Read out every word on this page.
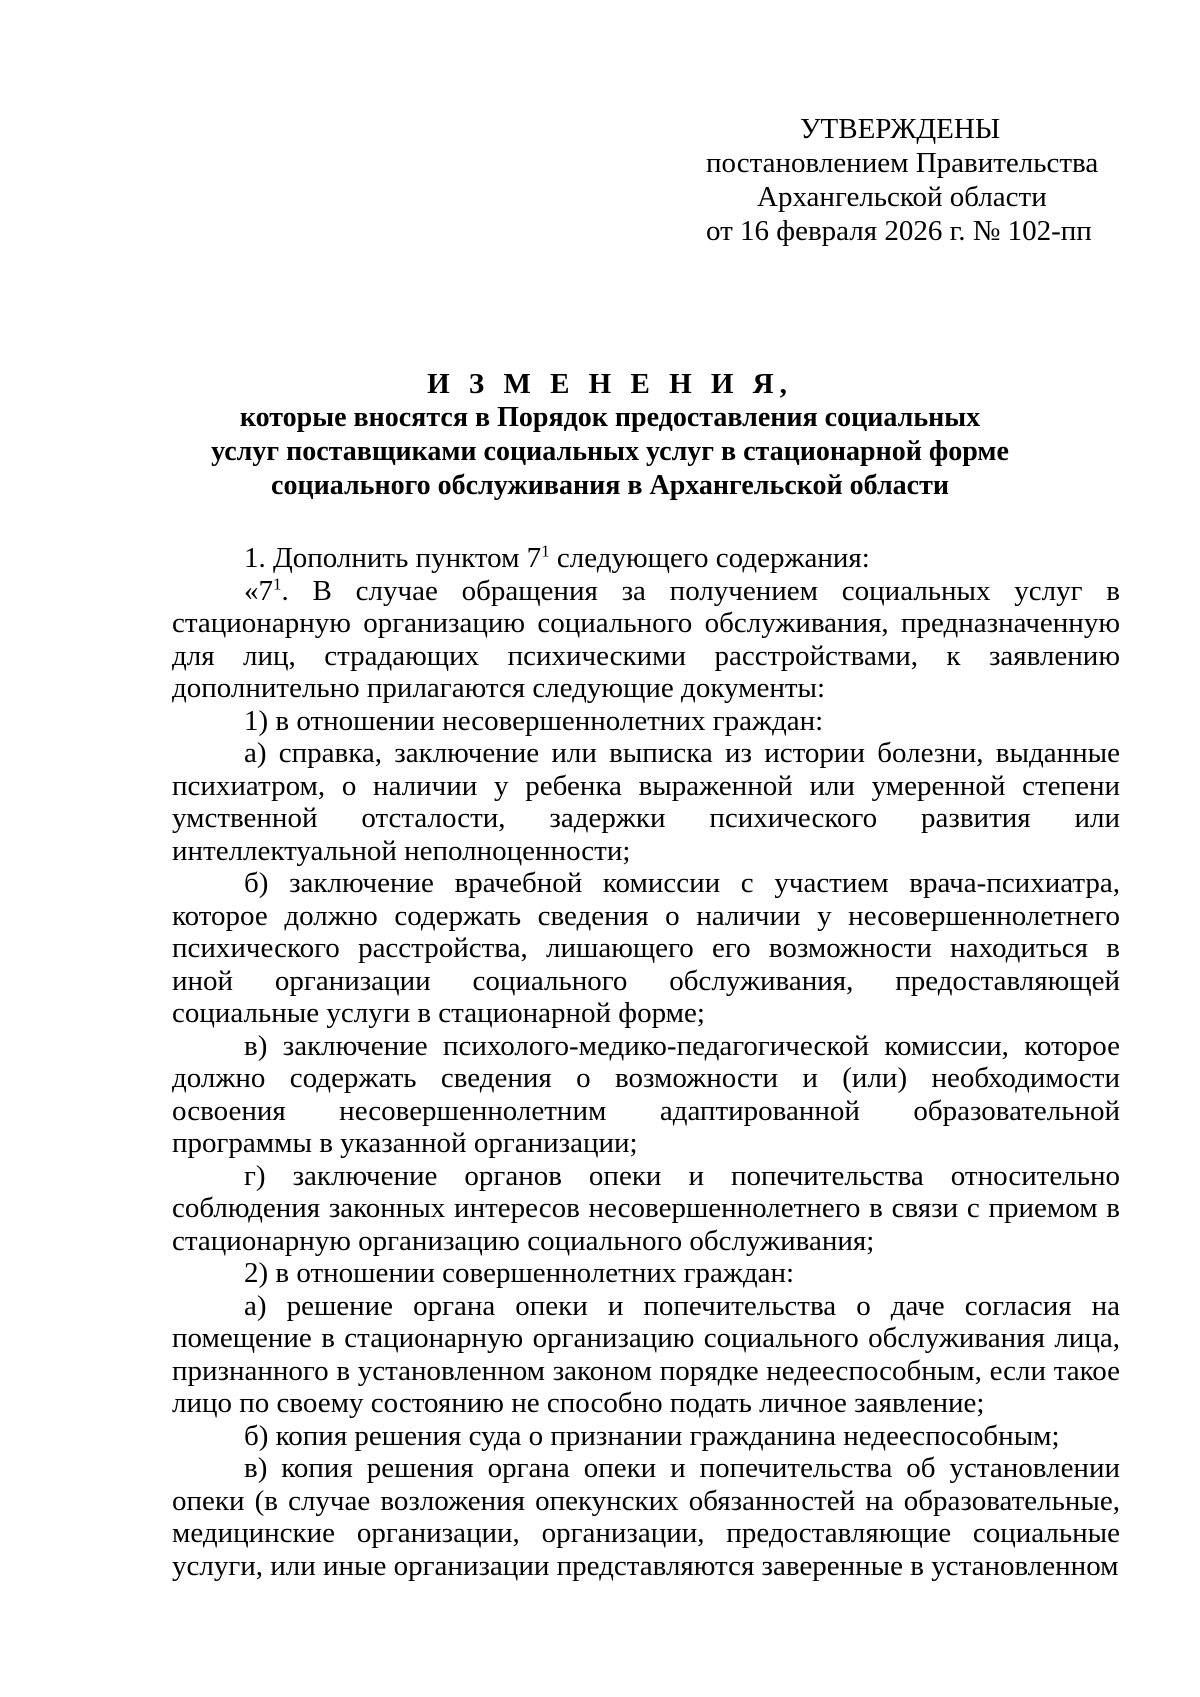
УТВЕРЖДЕНЫ
постановлением Правительства
Архангельской области
от 16 февраля 2026 г. № 102-пп
И З М Е Н Е Н И Я,
которые вносятся в Порядок предоставления социальных
услуг поставщиками социальных услуг в стационарной форме
социального обслуживания в Архангельской области

1. Дополнить пунктом $7^1$ следующего содержания:

«$7^1$. В случае обращения за получением социальных услуг в стационарную организацию социального обслуживания, предназначенную для лиц, страдающих психическими расстройствами, к заявлению дополнительно прилагаются следующие документы:

1) в отношении несовершеннолетних граждан:

а) справка, заключение или выписка из истории болезни, выданные психиатром, о наличии у ребенка выраженной или умеренной степени умственной отсталости, задержки психического развития или интеллектуальной неполноценности;

б) заключение врачебной комиссии с участием врача-психиатра, которое должно содержать сведения о наличии у несовершеннолетнего психического расстройства, лишающего его возможности находиться в иной организации социального обслуживания, предоставляющей социальные услуги в стационарной форме;

в) заключение психолого-медико-педагогической комиссии, которое должно содержать сведения о возможности и (или) необходимости освоения несовершеннолетним адаптированной образовательной программы в указанной организации;

г) заключение органов опеки и попечительства относительно соблюдения законных интересов несовершеннолетнего в связи с приемом в стационарную организацию социального обслуживания;

2) в отношении совершеннолетних граждан:

а) решение органа опеки и попечительства о даче согласия на помещение в стационарную организацию социального обслуживания лица, признанного в установленном законом порядке недееспособным, если такое лицо по своему состоянию не способно подать личное заявление;

б) копия решения суда о признании гражданина недееспособным;

в) копия решения органа опеки и попечительства об установлении опеки (в случае возложения опекунских обязанностей на образовательные, медицинские организации, организации, предоставляющие социальные услуги, или иные организации представляются заверенные в установленном
